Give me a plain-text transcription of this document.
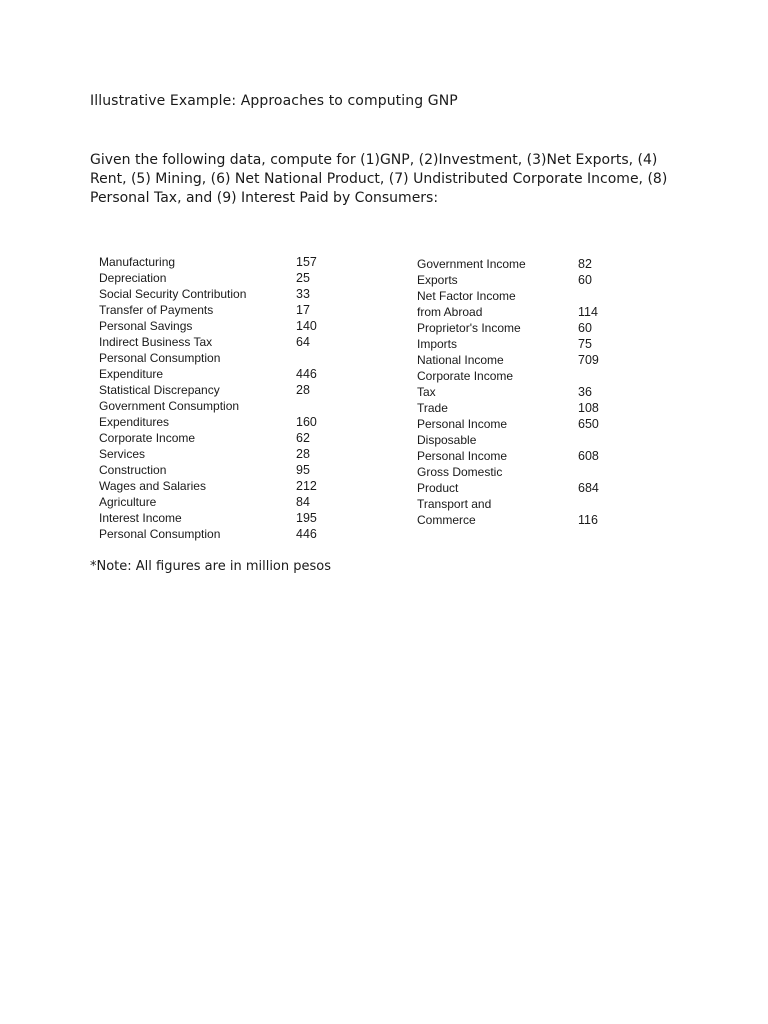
Illustrative Example: Approaches to computing GNP
Given the following data, compute for (1)GNP, (2)Investment, (3)Net Exports, (4) Rent, (5) Mining, (6) Net National Product, (7) Undistributed Corporate Income, (8) Personal Tax, and (9) Interest Paid by Consumers:
Manufacturing	157
Depreciation	25
Social Security Contribution	33
Transfer of Payments	17
Personal Savings	140
Indirect Business Tax	64
Personal Consumption
Expenditure	446
Statistical Discrepancy	28
Government Consumption
Expenditures	160
Corporate Income	62
Services	28
Construction	95
Wages and Salaries	212
Agriculture	84
Interest Income	195
Personal Consumption	446
Government Income	82
Exports	60
Net Factor Income
from Abroad	114
Proprietor's Income	60
Imports	75
National Income	709
Corporate Income
Tax	36
Trade	108
Personal Income	650
Disposable
Personal Income	608
Gross Domestic
Product	684
Transport and
Commerce	116
*Note: All figures are in million pesos
